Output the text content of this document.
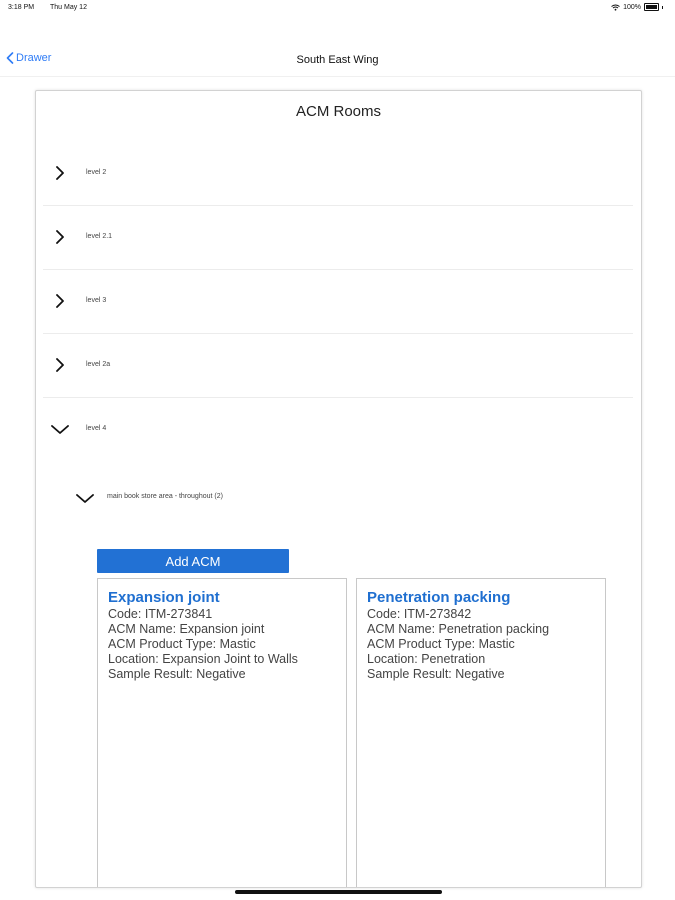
3:18 PM Thu May 12	100%
Drawer	South East Wing
ACM Rooms
level 2
level 2.1
level 3
level 2a
level 4
main book store area - throughout (2)
Add ACM
Expansion joint
Code: ITM-273841
ACM Name: Expansion joint
ACM Product Type: Mastic
Location: Expansion Joint to Walls
Sample Result: Negative
Penetration packing
Code: ITM-273842
ACM Name: Penetration packing
ACM Product Type: Mastic
Location: Penetration
Sample Result: Negative
